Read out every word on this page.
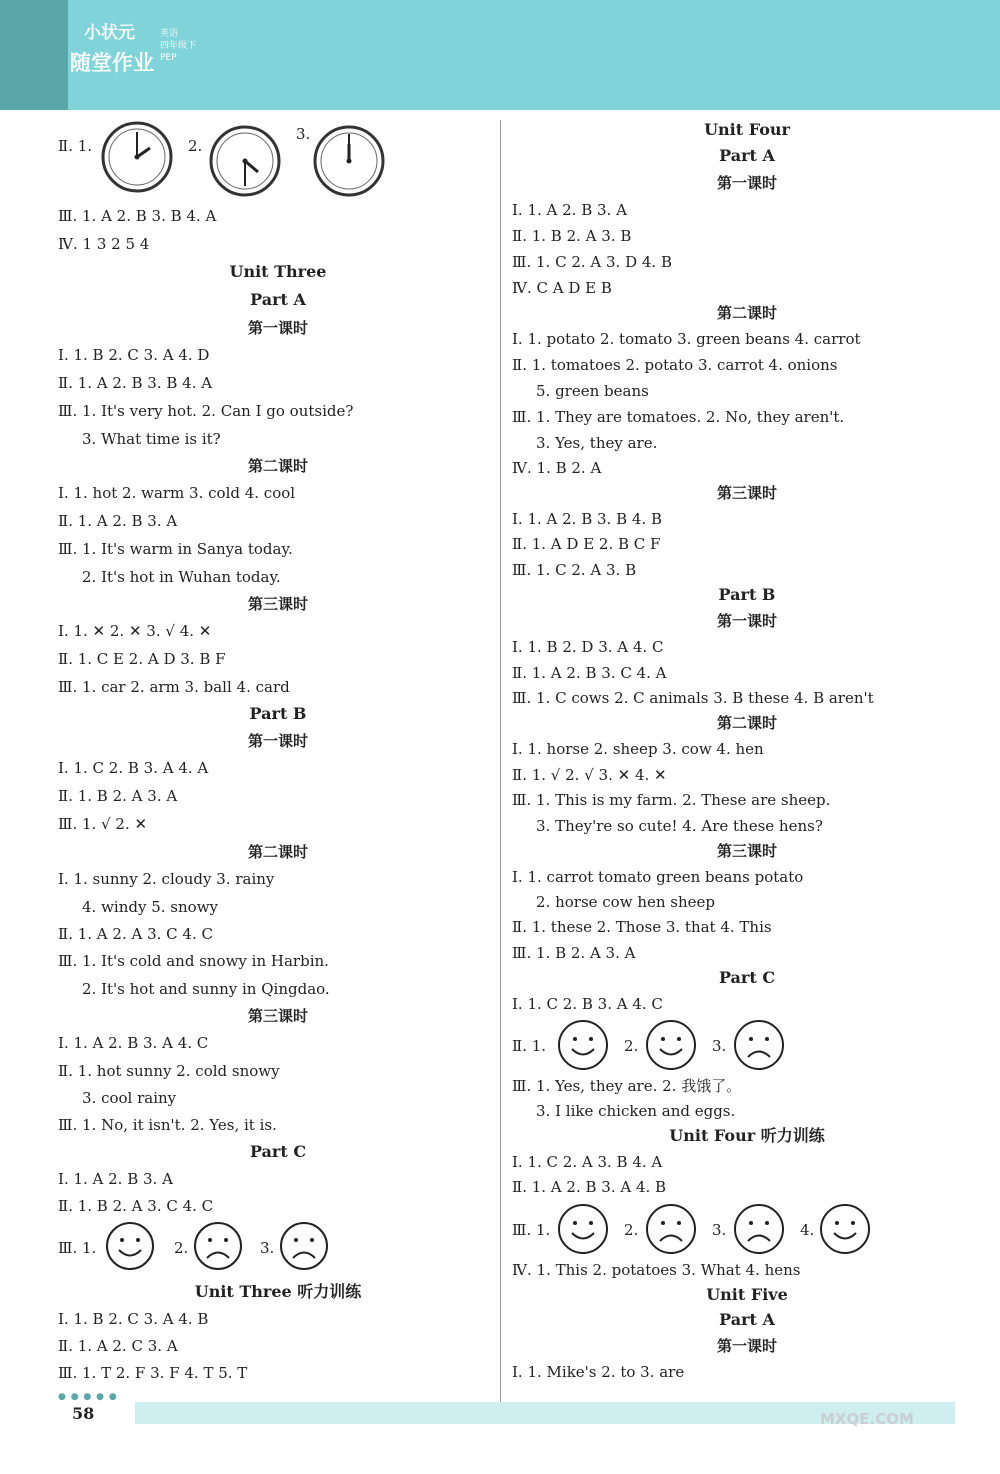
小状元
随堂作业
英语
四年级下
PEP
Ⅱ. 1.	2.
3.
Ⅲ. 1. A 2. B 3. B 4. A
Ⅳ. 1 3 2 5 4
Unit Three
Part A
第一课时
Ⅰ. 1. B 2. C 3. A 4. D
Ⅱ. 1. A 2. B 3. B 4. A
Ⅲ. 1. It's very hot. 2. Can I go outside?
3. What time is it?
第二课时
Ⅰ. 1. hot 2. warm 3. cold 4. cool
Ⅱ. 1. A 2. B 3. A
Ⅲ. 1. It's warm in Sanya today.
2. It's hot in Wuhan today.
第三课时
Ⅰ. 1. ✕ 2. ✕ 3. √ 4. ✕
Ⅱ. 1. C E 2. A D 3. B F
Ⅲ. 1. car 2. arm 3. ball 4. card
Part B
第一课时
Ⅰ. 1. C 2. B 3. A 4. A
Ⅱ. 1. B 2. A 3. A
Ⅲ. 1. √ 2. ✕
第二课时
Ⅰ. 1. sunny 2. cloudy 3. rainy
4. windy 5. snowy
Ⅱ. 1. A 2. A 3. C 4. C
Ⅲ. 1. It's cold and snowy in Harbin.
2. It's hot and sunny in Qingdao.
第三课时
Ⅰ. 1. A 2. B 3. A 4. C
Ⅱ. 1. hot sunny 2. cold snowy
3. cool rainy
Ⅲ. 1. No, it isn't. 2. Yes, it is.
Part C
Ⅰ. 1. A 2. B 3. A
Ⅱ. 1. B 2. A 3. C 4. C
Ⅲ. 1.	2.	3.
Unit Three 听力训练
Ⅰ. 1. B 2. C 3. A 4. B
Ⅱ. 1. A 2. C 3. A
Ⅲ. 1. T 2. F 3. F 4. T 5. T
Unit Four
Part A
第一课时
Ⅰ. 1. A 2. B 3. A
Ⅱ. 1. B 2. A 3. B
Ⅲ. 1. C 2. A 3. D 4. B
Ⅳ. C A D E B
第二课时
Ⅰ. 1. potato 2. tomato 3. green beans 4. carrot
Ⅱ. 1. tomatoes 2. potato 3. carrot 4. onions
5. green beans
Ⅲ. 1. They are tomatoes. 2. No, they aren't.
3. Yes, they are.
Ⅳ. 1. B 2. A
第三课时
Ⅰ. 1. A 2. B 3. B 4. B
Ⅱ. 1. A D E 2. B C F
Ⅲ. 1. C 2. A 3. B
Part B
第一课时
Ⅰ. 1. B 2. D 3. A 4. C
Ⅱ. 1. A 2. B 3. C 4. A
Ⅲ. 1. C cows 2. C animals 3. B these 4. B aren't
第二课时
Ⅰ. 1. horse 2. sheep 3. cow 4. hen
Ⅱ. 1. √ 2. √ 3. ✕ 4. ✕
Ⅲ. 1. This is my farm. 2. These are sheep.
3. They're so cute! 4. Are these hens?
第三课时
Ⅰ. 1. carrot tomato green beans potato
2. horse cow hen sheep
Ⅱ. 1. these 2. Those 3. that 4. This
Ⅲ. 1. B 2. A 3. A
Part C
Ⅰ. 1. C 2. B 3. A 4. C
Ⅱ. 1.	2.	3.
Ⅲ. 1. Yes, they are. 2. 我饿了。
3. I like chicken and eggs.
Unit Four 听力训练
Ⅰ. 1. C 2. A 3. B 4. A
Ⅱ. 1. A 2. B 3. A 4. B
Ⅲ. 1.	2.	3.	4.
Ⅳ. 1. This 2. potatoes 3. What 4. hens
Unit Five
Part A
第一课时
Ⅰ. 1. Mike's 2. to 3. are
● ● ● ● ●
58	MXQE.COM
